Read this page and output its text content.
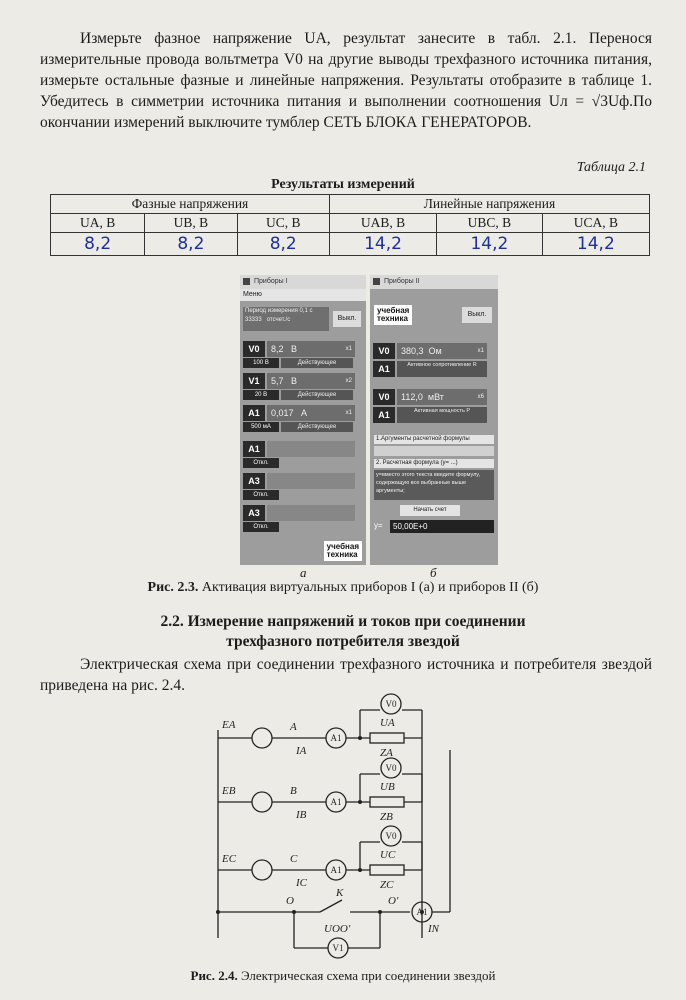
Измерьте фазное напряжение UA, результат занесите в табл. 2.1. Перенося измерительные провода вольтметра V0 на другие выводы трехфазного источника питания, измерьте остальные фазные и линейные напряжения. Результаты отобразите в таблице 1. Убедитесь в симметрии источника питания и выполнении соотношения Uл = √3Uф.По окончании измерений выключите тумблер СЕТЬ БЛОКА ГЕНЕРАТОРОВ.
Таблица 2.1
Результаты измерений
Фазные напряжения			Линейные напряжения		
UA, В	UB, В	UC, В	UAB, В	UBC, В	UCA, В
8,2	8,2	8,2	14,2	14,2	14,2
Приборы I
Меню
Период измерения 0,1 с
33333 отсчет./с	Выкл.
V0	8,2 В	x1
100 В	Действующее
V1	5,7 В	x2
20 В	Действующее
A1	0,017 А	x1
500 мА	Действующее
A1
Откл.
A3
Откл.
A3
Откл.
учебная
техника
Приборы II
учебная
техника	Выкл.
V0	380,3 Ом	x1
A1	Активное сопротивление R
V0	112,0 мВт	x6
A1	Активная мощность P
1.Аргументы расчетной формулы
2. Расчетная формула (y= ...)
y=вместо этого текста введите формулу, содержащую все выбранные выше аргументы;
Начать счет
y=	50,00E+0
а	б
Рис. 2.3. Активация виртуальных приборов I (а) и приборов II (б)
2.2. Измерение напряжений и токов при соединении
трехфазного потребителя звездой
Электрическая схема при соединении трехфазного источника и потребителя звездой приведена на рис. 2.4.
EA	A
IA	ZA
UA
EB	B
IB	ZB
UB
EC	C
IC	ZC
UC
O
K
O'
UOO'	IN
A1
A1
A1
V0
V0
V0
A1
V1
Рис. 2.4. Электрическая схема при соединении звездой
